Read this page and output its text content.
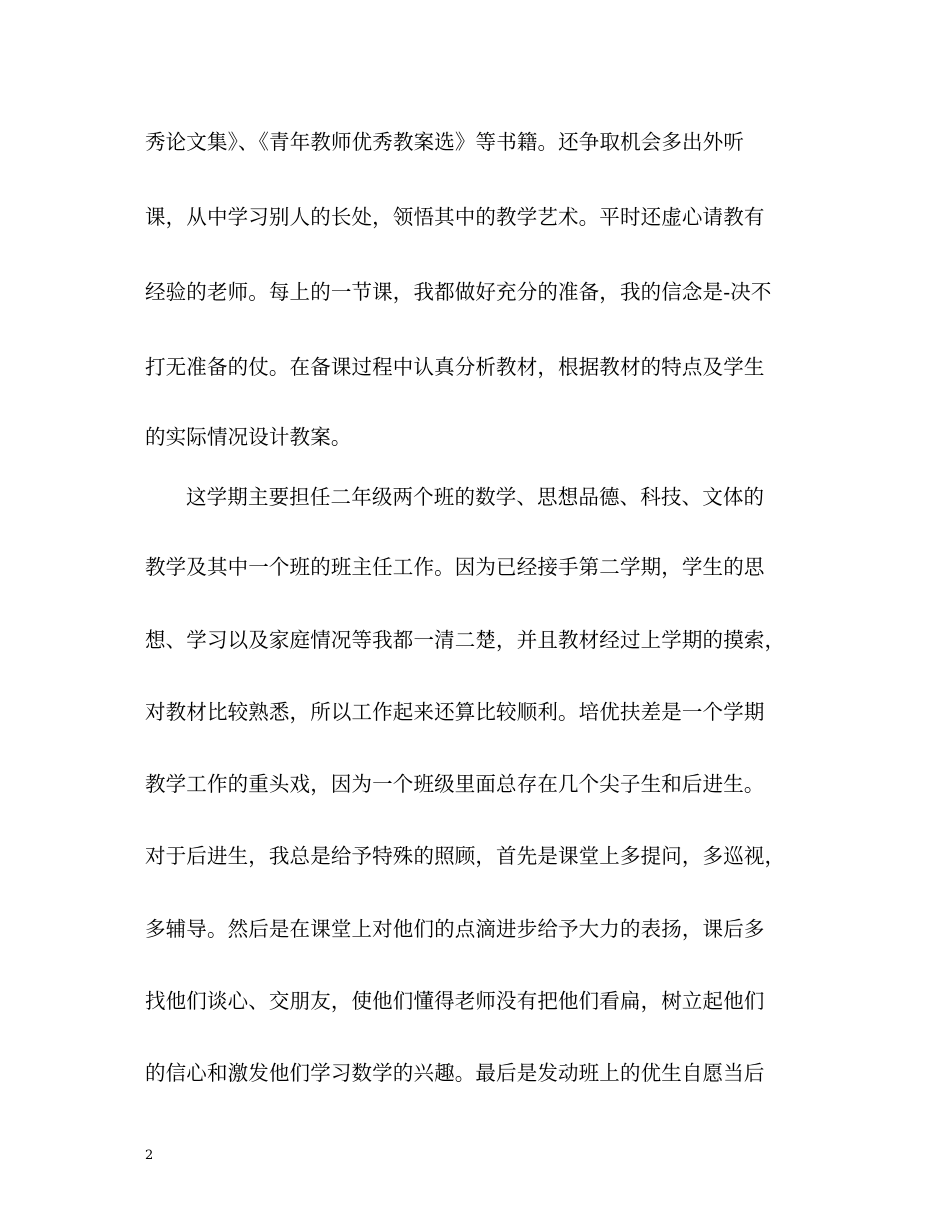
秀论文集》、《青年教师优秀教案选》等书籍。还争取机会多出外听
课，从中学习别人的长处，领悟其中的教学艺术。平时还虚心请教有
经验的老师。每上的一节课，我都做好充分的准备，我的信念是-决不
打无准备的仗。在备课过程中认真分析教材，根据教材的特点及学生
的实际情况设计教案。
这学期主要担任二年级两个班的数学、思想品德、科技、文体的
教学及其中一个班的班主任工作。因为已经接手第二学期，学生的思
想、学习以及家庭情况等我都一清二楚，并且教材经过上学期的摸索，
对教材比较熟悉，所以工作起来还算比较顺利。培优扶差是一个学期
教学工作的重头戏，因为一个班级里面总存在几个尖子生和后进生。
对于后进生，我总是给予特殊的照顾，首先是课堂上多提问，多巡视，
多辅导。然后是在课堂上对他们的点滴进步给予大力的表扬，课后多
找他们谈心、交朋友，使他们懂得老师没有把他们看扁，树立起他们
的信心和激发他们学习数学的兴趣。最后是发动班上的优生自愿当后
2
